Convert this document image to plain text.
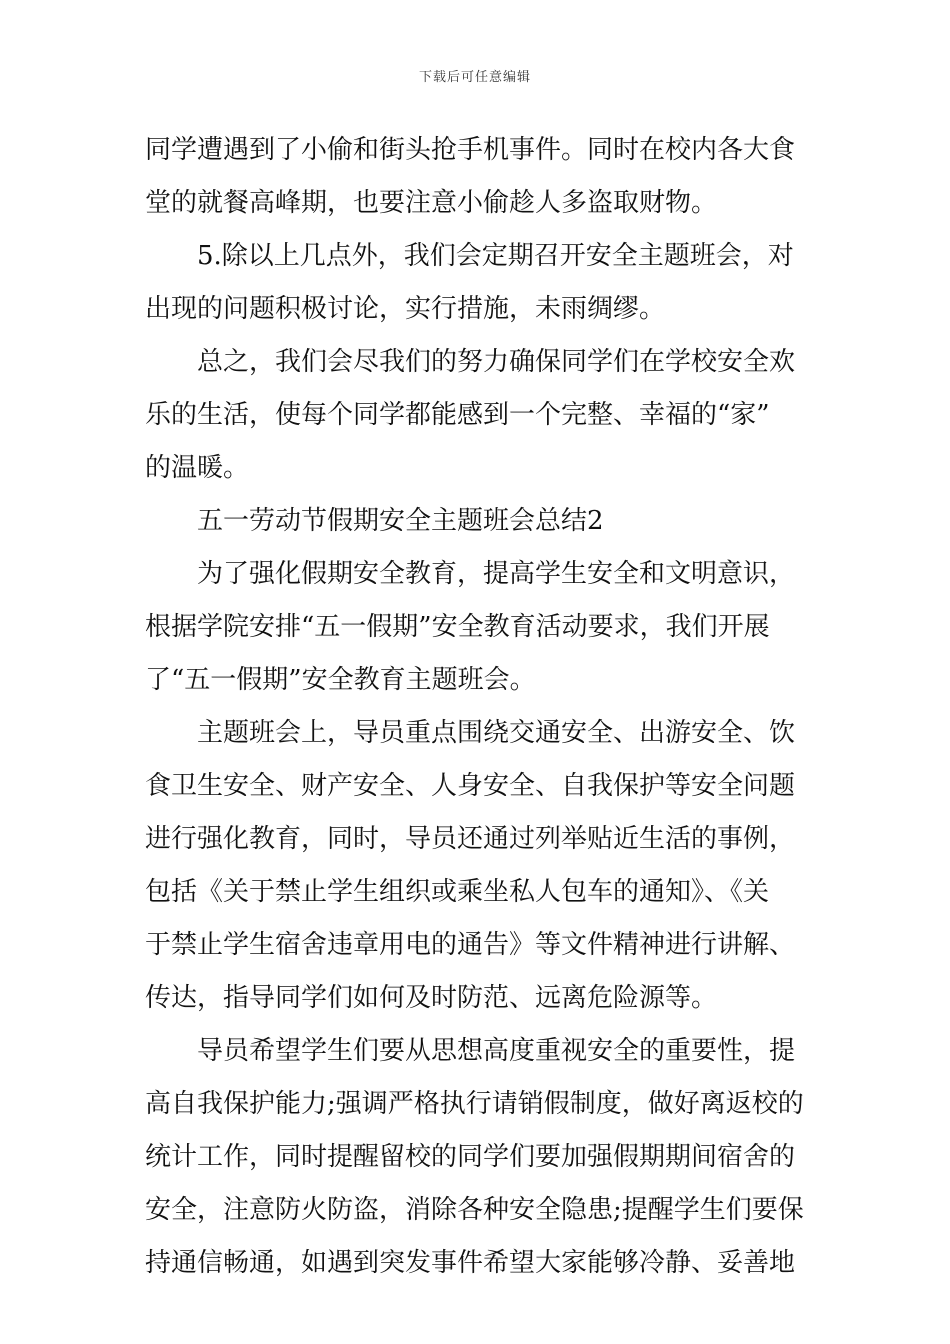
下载后可任意编辑
同学遭遇到了小偷和街头抢手机事件。同时在校内各大食
堂的就餐高峰期，也要注意小偷趁人多盗取财物。
5.除以上几点外，我们会定期召开安全主题班会，对
出现的问题积极讨论，实行措施，未雨绸缪。
总之，我们会尽我们的努力确保同学们在学校安全欢
乐的生活，使每个同学都能感到一个完整、幸福的“家”
的温暖。
五一劳动节假期安全主题班会总结2
为了强化假期安全教育，提高学生安全和文明意识，
根据学院安排“五一假期”安全教育活动要求，我们开展
了“五一假期”安全教育主题班会。
主题班会上，导员重点围绕交通安全、出游安全、饮
食卫生安全、财产安全、人身安全、自我保护等安全问题
进行强化教育，同时，导员还通过列举贴近生活的事例，
包括《关于禁止学生组织或乘坐私人包车的通知》、《关
于禁止学生宿舍违章用电的通告》等文件精神进行讲解、
传达，指导同学们如何及时防范、远离危险源等。
导员希望学生们要从思想高度重视安全的重要性，提
高自我保护能力;强调严格执行请销假制度，做好离返校的
统计工作，同时提醒留校的同学们要加强假期期间宿舍的
安全，注意防火防盗，消除各种安全隐患;提醒学生们要保
持通信畅通，如遇到突发事件希望大家能够冷静、妥善地
